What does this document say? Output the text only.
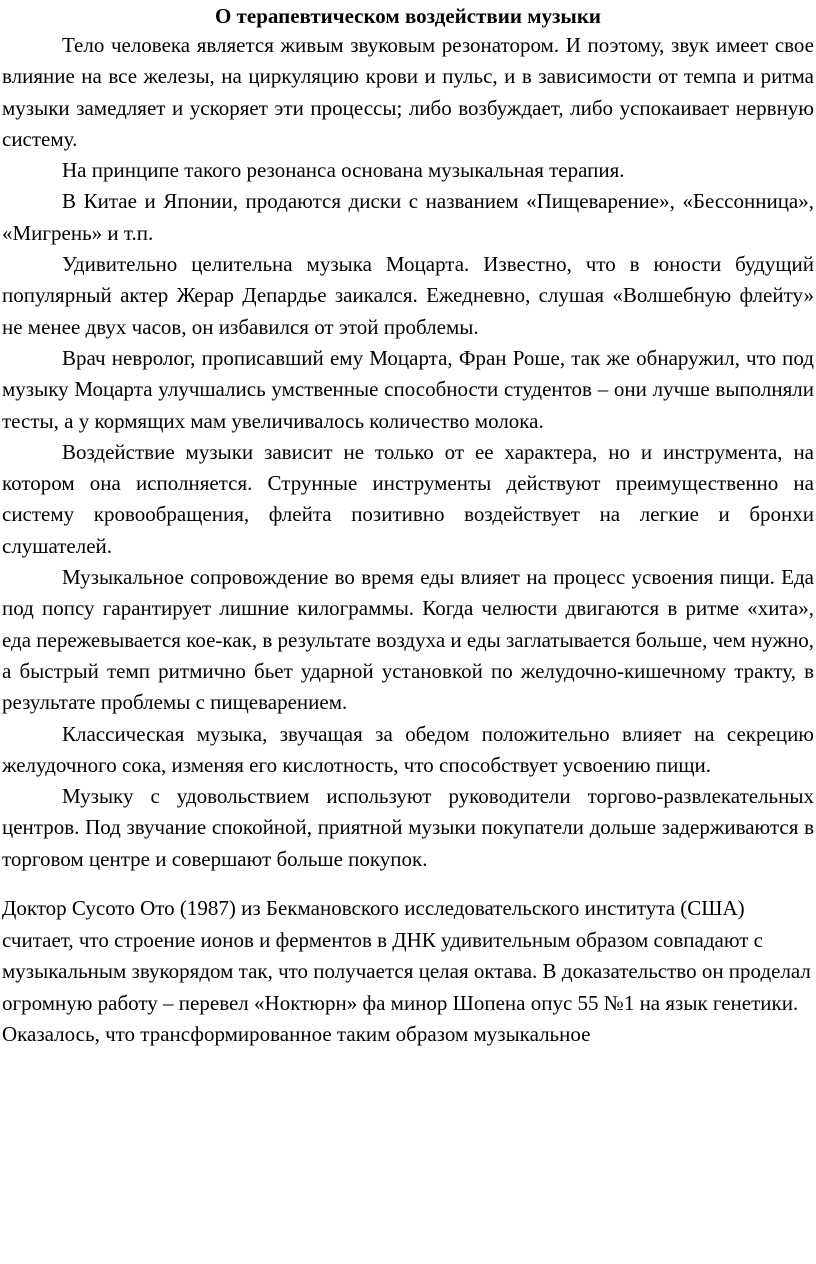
О терапевтическом воздействии музыки

Тело человека является живым звуковым резонатором. И поэтому, звук имеет свое влияние на все железы, на циркуляцию крови и пульс, и в зависимости от темпа и ритма музыки замедляет и ускоряет эти процессы; либо возбуждает, либо успокаивает нервную систему.

На принципе такого резонанса основана музыкальная терапия.

В Китае и Японии, продаются диски с названием «Пищеварение», «Бессонница», «Мигрень» и т.п.

Удивительно целительна музыка Моцарта. Известно, что в юности будущий популярный актер Жерар Депардье заикался. Ежедневно, слушая «Волшебную флейту» не менее двух часов, он избавился от этой проблемы.

Врач невролог, прописавший ему Моцарта, Фран Роше, так же обнаружил, что под музыку Моцарта улучшались умственные способности студентов – они лучше выполняли тесты, а у кормящих мам увеличивалось количество молока.

Воздействие музыки зависит не только от ее характера, но и инструмента, на котором она исполняется. Струнные инструменты действуют преимущественно на систему кровообращения, флейта позитивно воздействует на легкие и бронхи слушателей.

Музыкальное сопровождение во время еды влияет на процесс усвоения пищи. Еда под попсу гарантирует лишние килограммы. Когда челюсти двигаются в ритме «хита», еда пережевывается кое-как, в результате воздуха и еды заглатывается больше, чем нужно, а быстрый темп ритмично бьет ударной установкой по желудочно-кишечному тракту, в результате проблемы с пищеварением.

Классическая музыка, звучащая за обедом положительно влияет на секрецию желудочного сока, изменяя его кислотность, что способствует усвоению пищи.

Музыку с удовольствием используют руководители торгово-развлекательных центров. Под звучание спокойной, приятной музыки покупатели дольше задерживаются в торговом центре и совершают больше покупок.

Доктор Сусото Ото (1987) из Бекмановского исследовательского института (США) считает, что строение ионов и ферментов в ДНК удивительным образом совпадают с музыкальным звукорядом так, что получается целая октава. В доказательство он проделал огромную работу – перевел «Ноктюрн» фа минор Шопена опус 55 №1 на язык генетики. Оказалось, что трансформированное таким образом музыкальное
